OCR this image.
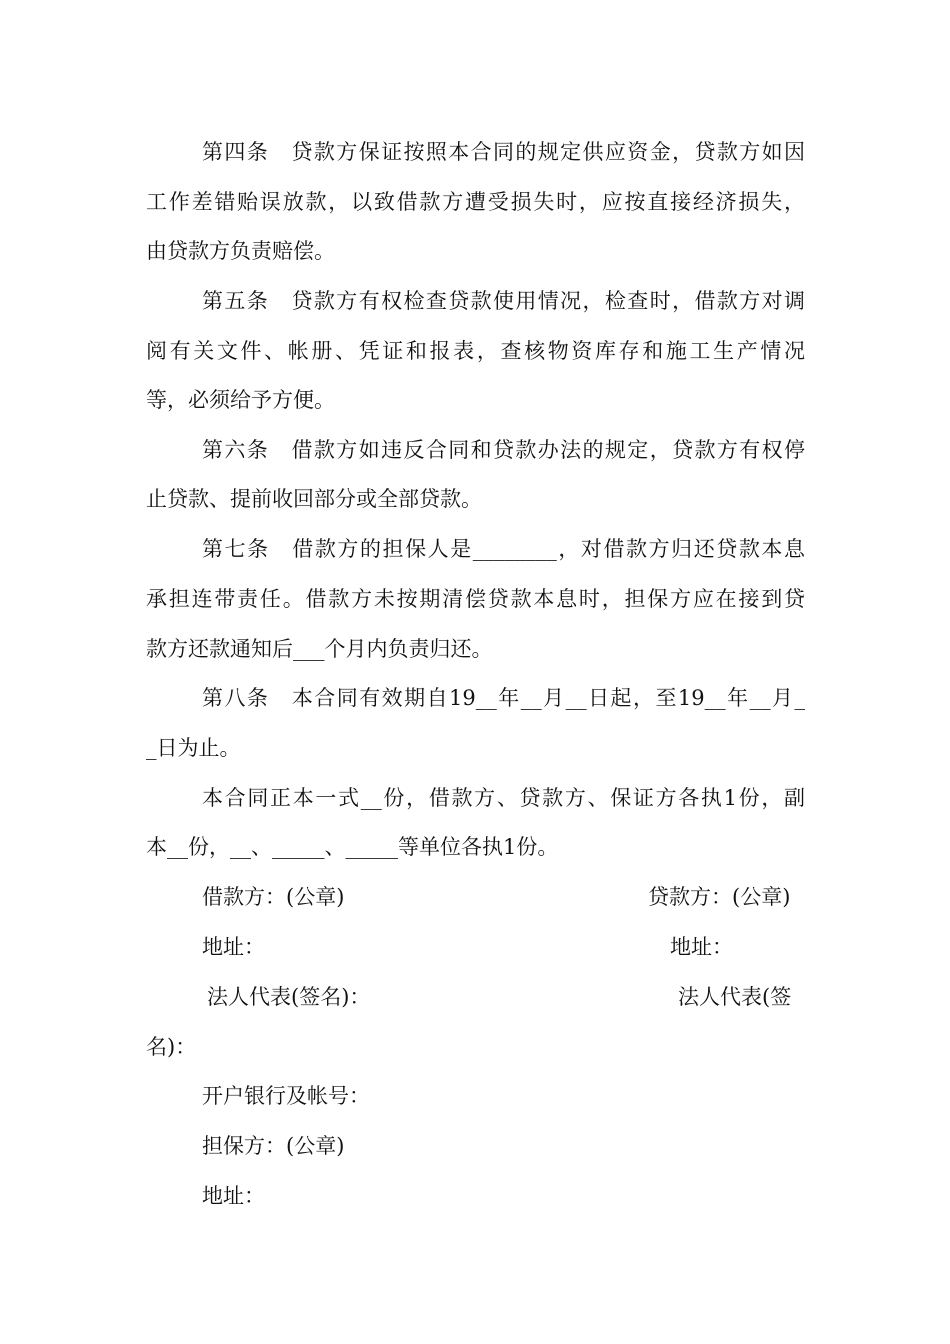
第四条　贷款方保证按照本合同的规定供应资金，贷款方如因

工作差错贻误放款，以致借款方遭受损失时，应按直接经济损失，

由贷款方负责赔偿。

第五条　贷款方有权检查贷款使用情况，检查时，借款方对调

阅有关文件、帐册、凭证和报表，查核物资库存和施工生产情况

等，必须给予方便。

第六条　借款方如违反合同和贷款办法的规定，贷款方有权停

止贷款、提前收回部分或全部贷款。

第七条　借款方的担保人是________，对借款方归还贷款本息

承担连带责任。借款方未按期清偿贷款本息时，担保方应在接到贷

款方还款通知后___个月内负责归还。

第八条　本合同有效期自19__年__月__日起，至19__年__月_

_日为止。

本合同正本一式__份，借款方、贷款方、保证方各执1份，副

本__份，__、_____、_____等单位各执1份。

借款方：(公章)	贷款方：(公章)

地址：	地址：

法人代表(签名)：	法人代表(签

名)：

开户银行及帐号：

担保方：(公章)

地址：
